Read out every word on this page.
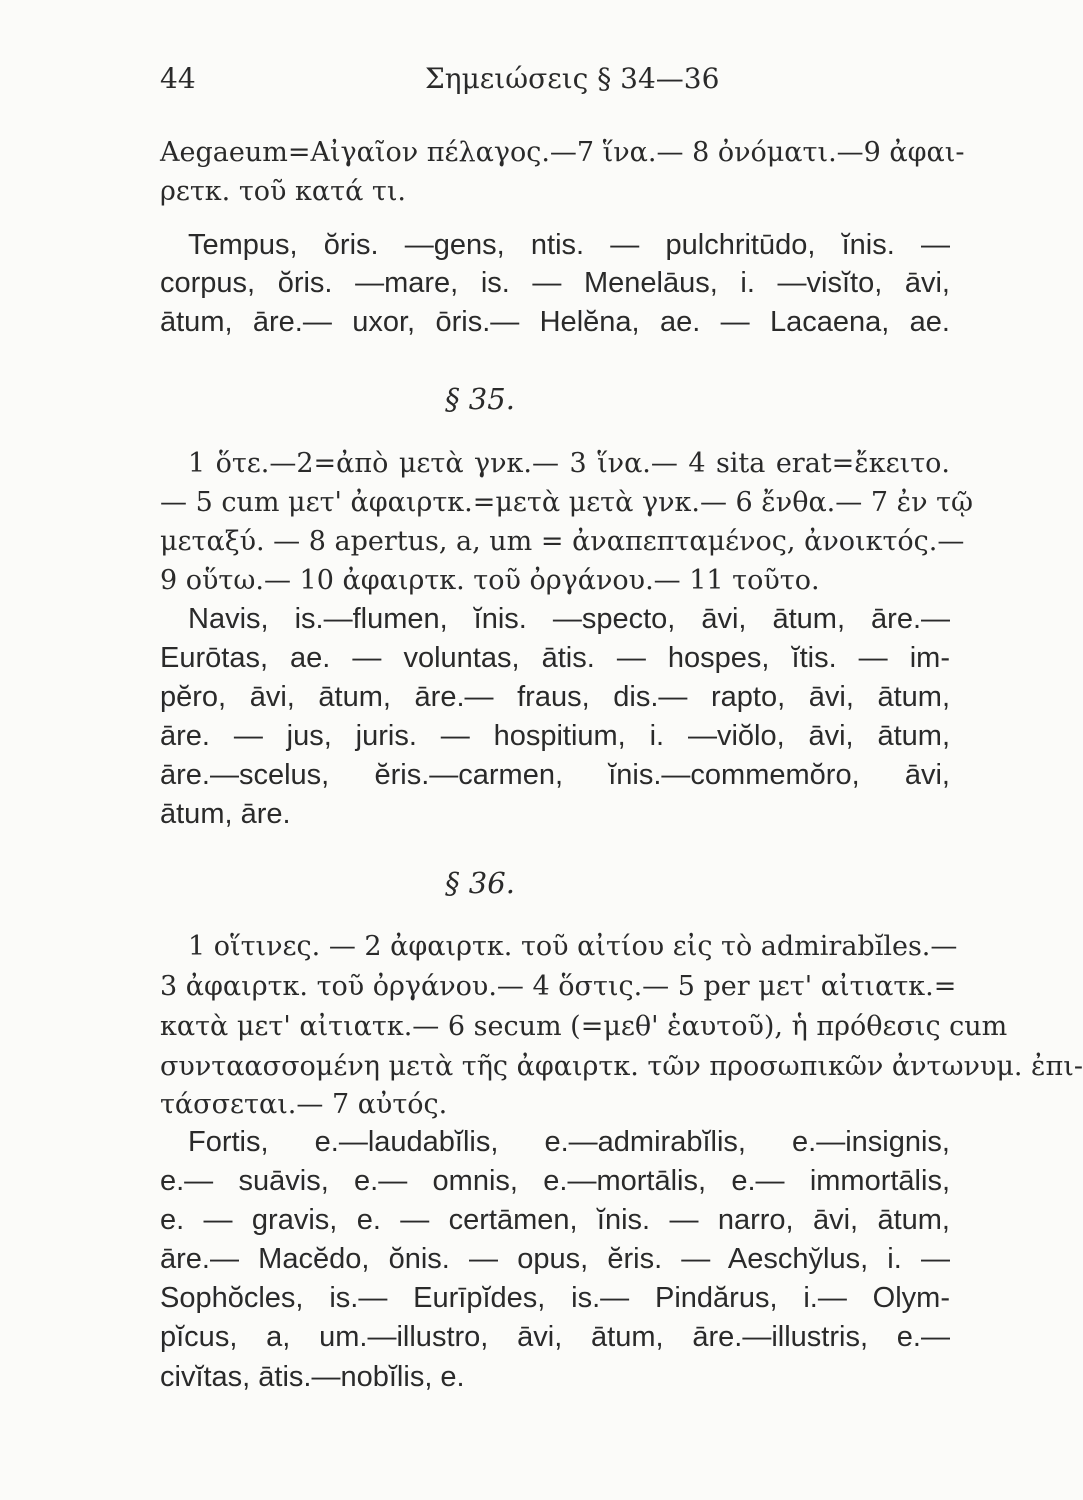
44	Σημειώσεις § 34—36
Aegaeum=Αἰγαῖον πέλαγος.—7 ἵνα.— 8 ὀνόματι.—9 ἀφαι-
ρετκ. τοῦ κατά τι.
Tempus, ŏris. —gens, ntis. — pulchritūdo, ĭnis. —
corpus, ŏris. —mare, is. — Menelāus, i. —visĭto, āvi,
ātum, āre.— uxor, ōris.— Helĕna, ae. — Lacaena, ae.
§ 35.
1 ὅτε.—2=ἀπὸ μετὰ γνκ.— 3 ἵνα.— 4 sita erat=ἔκειτο.
— 5 cum μετ' ἀφαιρτκ.=μετὰ μετὰ γνκ.— 6 ἔνθα.— 7 ἐν τῷ
μεταξύ. — 8 apertus, a, um = ἀναπεπταμένος, ἀνοικτός.—
9 οὕτω.— 10 ἀφαιρτκ. τοῦ ὀργάνου.— 11 τοῦτο.
Navis, is.—flumen, ĭnis. —specto, āvi, ātum, āre.—
Eurōtas, ae. — voluntas, ātis. — hospes, ĭtis. — im-
pĕro, āvi, ātum, āre.— fraus, dis.— rapto, āvi, ātum,
āre. — jus, juris. — hospitium, i. —viŏlo, āvi, ātum,
āre.—scelus, ĕris.—carmen, ĭnis.—commemŏro, āvi,
ātum, āre.
§ 36.
1 οἵτινες. — 2 ἀφαιρτκ. τοῦ αἰτίου εἰς τὸ admirabĭles.—
3 ἀφαιρτκ. τοῦ ὀργάνου.— 4 ὅστις.— 5 per μετ' αἰτιατκ.=
κατὰ μετ' αἰτιατκ.— 6 secum (=μεθ' ἑαυτοῦ), ἡ πρόθεσις cum
συνταασσομένη μετὰ τῆς ἀφαιρτκ. τῶν προσωπικῶν ἀντωνυμ. ἐπι-
τάσσεται.— 7 αὐτός.
Fortis, e.—laudabĭlis, e.—admirabĭlis, e.—insignis,
e.— suāvis, e.— omnis, e.—mortālis, e.— immortālis,
e. — gravis, e. — certāmen, ĭnis. — narro, āvi, ātum,
āre.— Macĕdo, ŏnis. — opus, ĕris. — Aeschy̆lus, i. —
Sophŏcles, is.— Eurīpĭdes, is.— Pindărus, i.— Olym-
pĭcus, a, um.—illustro, āvi, ātum, āre.—illustris, e.—
civĭtas, ātis.—nobĭlis, e.
